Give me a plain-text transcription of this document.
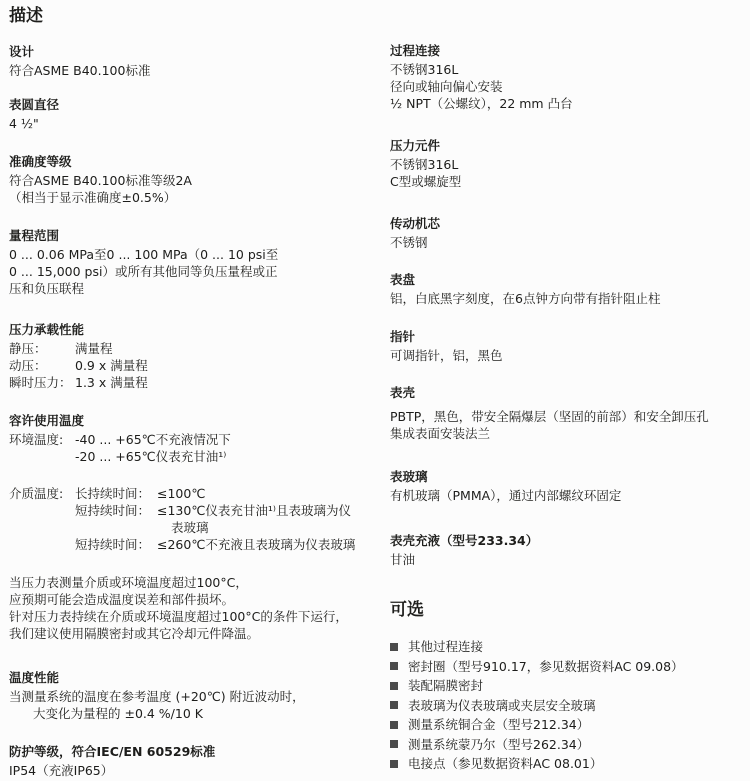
描述
设计
符合ASME B40.100标准
表圆直径
4 ½"
准确度等级
符合ASME B40.100标准等级2A
（相当于显示准确度±0.5%）
量程范围
0 ... 0.06 MPa至0 ... 100 MPa（0 ... 10 psi至
0 ... 15,000 psi）或所有其他同等负压量程或正
压和负压联程
压力承载性能
静压：	满量程
动压：	0.9 x 满量程
瞬时压力： 1.3 x 满量程
容许使用温度
环境温度: -40 ... +65℃不充液情况下
-20 ... +65℃仪表充甘油¹⁾
介质温度: 长持续时间： ≤100℃
短持续时间： ≤130℃仪表充甘油¹⁾且表玻璃为仪
表玻璃
短持续时间： ≤260℃不充液且表玻璃为仪表玻璃
当压力表测量介质或环境温度超过100°C，
应预期可能会造成温度误差和部件损坏。
针对压力表持续在介质或环境温度超过100°C的条件下运行，
我们建议使用隔膜密封或其它冷却元件降温。
温度性能
当测量系统的温度在参考温度 (+20℃) 附近波动时，
大变化为量程的 ±0.4 %/10 K
防护等级，符合IEC/EN 60529标准
IP54（充液IP65）
过程连接
不锈钢316L
径向或轴向偏心安装
½ NPT（公螺纹），22 mm 凸台
压力元件
不锈钢316L
C型或螺旋型
传动机芯
不锈钢
表盘
铝，白底黑字刻度，在6点钟方向带有指针阻止柱
指针
可调指针，铝，黑色
表壳
PBTP，黑色，带安全隔爆层（坚固的前部）和安全卸压孔
集成表面安装法兰
表玻璃
有机玻璃（PMMA），通过内部螺纹环固定
表壳充液（型号233.34）
甘油
可选
其他过程连接
密封圈（型号910.17，参见数据资料AC 09.08）
装配隔膜密封
表玻璃为仪表玻璃或夹层安全玻璃
测量系统铜合金（型号212.34）
测量系统蒙乃尔（型号262.34）
电接点（参见数据资料AC 08.01）
